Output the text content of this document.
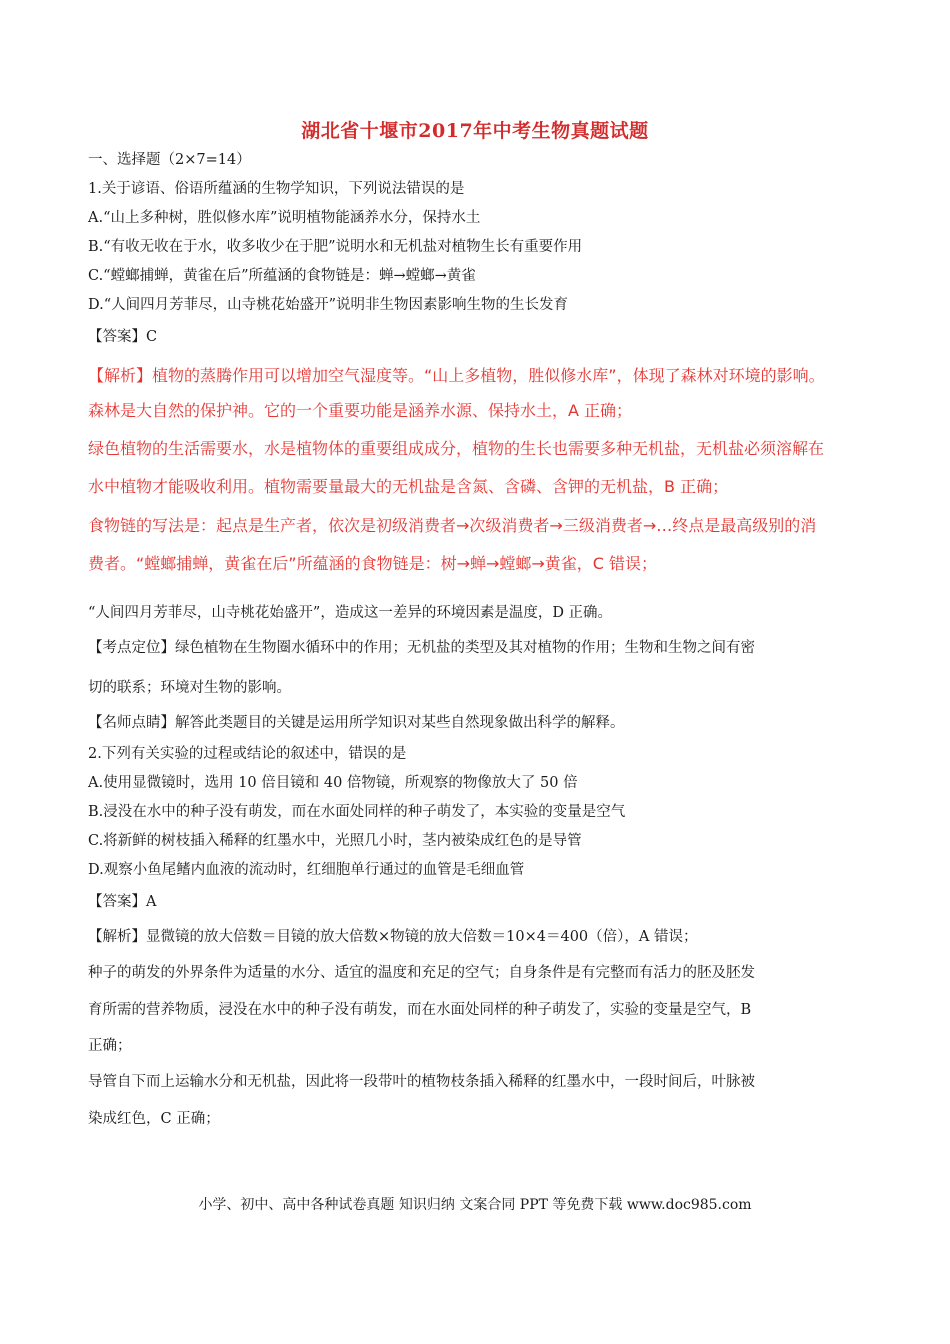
湖北省十堰市2017年中考生物真题试题
一、选择题（2×7=14）
1.关于谚语、俗语所蕴涵的生物学知识，下列说法错误的是
A.“山上多种树，胜似修水库”说明植物能涵养水分，保持水土
B.“有收无收在于水，收多收少在于肥”说明水和无机盐对植物生长有重要作用
C.“螳螂捕蝉，黄雀在后”所蕴涵的食物链是：蝉→螳螂→黄雀
D.“人间四月芳菲尽，山寺桃花始盛开”说明非生物因素影响生物的生长发育
【答案】C
【解析】植物的蒸腾作用可以增加空气湿度等。“山上多植物，胜似修水库”，体现了森林对环境的影响。
森林是大自然的保护神。它的一个重要功能是涵养水源、保持水土，A 正确；
绿色植物的生活需要水，水是植物体的重要组成成分，植物的生长也需要多种无机盐，无机盐必须溶解在
水中植物才能吸收利用。植物需要量最大的无机盐是含氮、含磷、含钾的无机盐，B 正确；
食物链的写法是：起点是生产者，依次是初级消费者→次级消费者→三级消费者→…终点是最高级别的消
费者。“螳螂捕蝉，黄雀在后”所蕴涵的食物链是：树→蝉→螳螂→黄雀，C 错误；
“人间四月芳菲尽，山寺桃花始盛开”，造成这一差异的环境因素是温度，D 正确。
【考点定位】绿色植物在生物圈水循环中的作用；无机盐的类型及其对植物的作用；生物和生物之间有密
切的联系；环境对生物的影响。
【名师点睛】解答此类题目的关键是运用所学知识对某些自然现象做出科学的解释。
2.下列有关实验的过程或结论的叙述中，错误的是
A.使用显微镜时，选用 10 倍目镜和 40 倍物镜，所观察的物像放大了 50 倍
B.浸没在水中的种子没有萌发，而在水面处同样的种子萌发了，本实验的变量是空气
C.将新鲜的树枝插入稀释的红墨水中，光照几小时，茎内被染成红色的是导管
D.观察小鱼尾鳍内血液的流动时，红细胞单行通过的血管是毛细血管
【答案】A
【解析】显微镜的放大倍数＝目镜的放大倍数×物镜的放大倍数＝10×4＝400（倍），A 错误；
种子的萌发的外界条件为适量的水分、适宜的温度和充足的空气；自身条件是有完整而有活力的胚及胚发
育所需的营养物质，浸没在水中的种子没有萌发，而在水面处同样的种子萌发了，实验的变量是空气，B
正确；
导管自下而上运输水分和无机盐，因此将一段带叶的植物枝条插入稀释的红墨水中，一段时间后，叶脉被
染成红色，C 正确；
小学、初中、高中各种试卷真题 知识归纳 文案合同 PPT 等免费下载 www.doc985.com
